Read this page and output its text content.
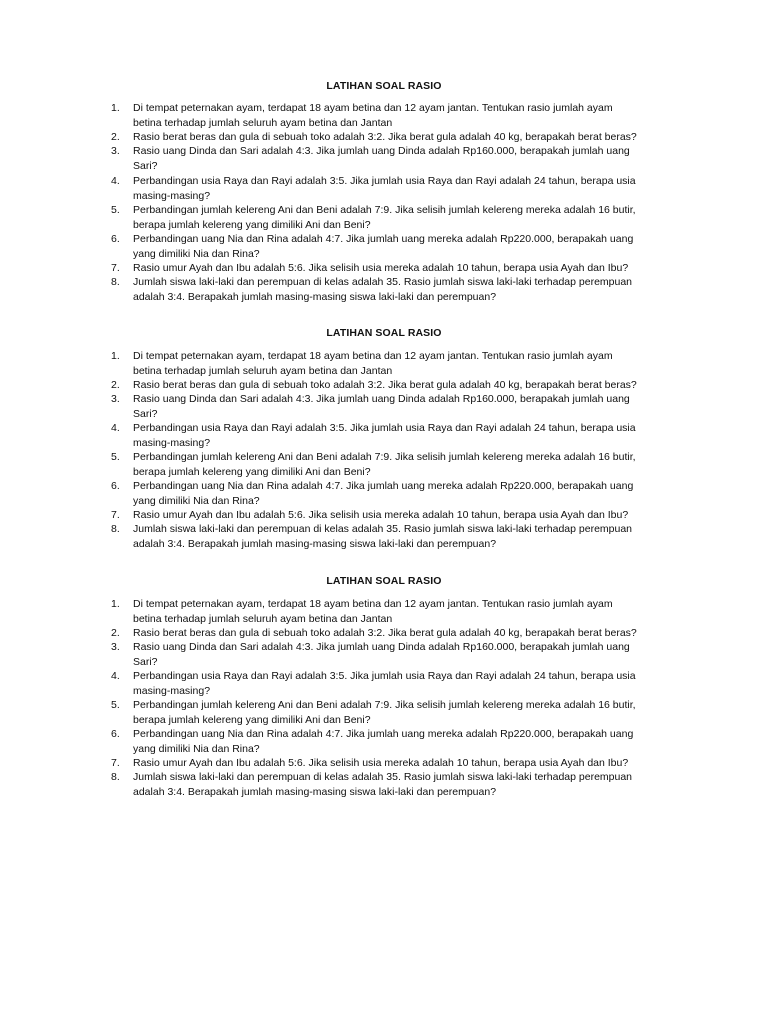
LATIHAN SOAL RASIO
1. Di tempat peternakan ayam, terdapat 18 ayam betina dan 12 ayam jantan. Tentukan rasio jumlah ayam
betina terhadap jumlah seluruh ayam betina dan Jantan
2. Rasio berat beras dan gula di sebuah toko adalah 3:2. Jika berat gula adalah 40 kg, berapakah berat beras?
3. Rasio uang Dinda dan Sari adalah 4:3. Jika jumlah uang Dinda adalah Rp160.000, berapakah jumlah uang
Sari?
4. Perbandingan usia Raya dan Rayi adalah 3:5. Jika jumlah usia Raya dan Rayi adalah 24 tahun, berapa usia
masing-masing?
5. Perbandingan jumlah kelereng Ani dan Beni adalah 7:9. Jika selisih jumlah kelereng mereka adalah 16 butir,
berapa jumlah kelereng yang dimiliki Ani dan Beni?
6. Perbandingan uang Nia dan Rina adalah 4:7. Jika jumlah uang mereka adalah Rp220.000, berapakah uang
yang dimiliki Nia dan Rina?
7. Rasio umur Ayah dan Ibu adalah 5:6. Jika selisih usia mereka adalah 10 tahun, berapa usia Ayah dan Ibu?
8. Jumlah siswa laki-laki dan perempuan di kelas adalah 35. Rasio jumlah siswa laki-laki terhadap perempuan
adalah 3:4. Berapakah jumlah masing-masing siswa laki-laki dan perempuan?
LATIHAN SOAL RASIO
1. Di tempat peternakan ayam, terdapat 18 ayam betina dan 12 ayam jantan. Tentukan rasio jumlah ayam
betina terhadap jumlah seluruh ayam betina dan Jantan
2. Rasio berat beras dan gula di sebuah toko adalah 3:2. Jika berat gula adalah 40 kg, berapakah berat beras?
3. Rasio uang Dinda dan Sari adalah 4:3. Jika jumlah uang Dinda adalah Rp160.000, berapakah jumlah uang
Sari?
4. Perbandingan usia Raya dan Rayi adalah 3:5. Jika jumlah usia Raya dan Rayi adalah 24 tahun, berapa usia
masing-masing?
5. Perbandingan jumlah kelereng Ani dan Beni adalah 7:9. Jika selisih jumlah kelereng mereka adalah 16 butir,
berapa jumlah kelereng yang dimiliki Ani dan Beni?
6. Perbandingan uang Nia dan Rina adalah 4:7. Jika jumlah uang mereka adalah Rp220.000, berapakah uang
yang dimiliki Nia dan Rina?
7. Rasio umur Ayah dan Ibu adalah 5:6. Jika selisih usia mereka adalah 10 tahun, berapa usia Ayah dan Ibu?
8. Jumlah siswa laki-laki dan perempuan di kelas adalah 35. Rasio jumlah siswa laki-laki terhadap perempuan
adalah 3:4. Berapakah jumlah masing-masing siswa laki-laki dan perempuan?
LATIHAN SOAL RASIO
1. Di tempat peternakan ayam, terdapat 18 ayam betina dan 12 ayam jantan. Tentukan rasio jumlah ayam
betina terhadap jumlah seluruh ayam betina dan Jantan
2. Rasio berat beras dan gula di sebuah toko adalah 3:2. Jika berat gula adalah 40 kg, berapakah berat beras?
3. Rasio uang Dinda dan Sari adalah 4:3. Jika jumlah uang Dinda adalah Rp160.000, berapakah jumlah uang
Sari?
4. Perbandingan usia Raya dan Rayi adalah 3:5. Jika jumlah usia Raya dan Rayi adalah 24 tahun, berapa usia
masing-masing?
5. Perbandingan jumlah kelereng Ani dan Beni adalah 7:9. Jika selisih jumlah kelereng mereka adalah 16 butir,
berapa jumlah kelereng yang dimiliki Ani dan Beni?
6. Perbandingan uang Nia dan Rina adalah 4:7. Jika jumlah uang mereka adalah Rp220.000, berapakah uang
yang dimiliki Nia dan Rina?
7. Rasio umur Ayah dan Ibu adalah 5:6. Jika selisih usia mereka adalah 10 tahun, berapa usia Ayah dan Ibu?
8. Jumlah siswa laki-laki dan perempuan di kelas adalah 35. Rasio jumlah siswa laki-laki terhadap perempuan
adalah 3:4. Berapakah jumlah masing-masing siswa laki-laki dan perempuan?
